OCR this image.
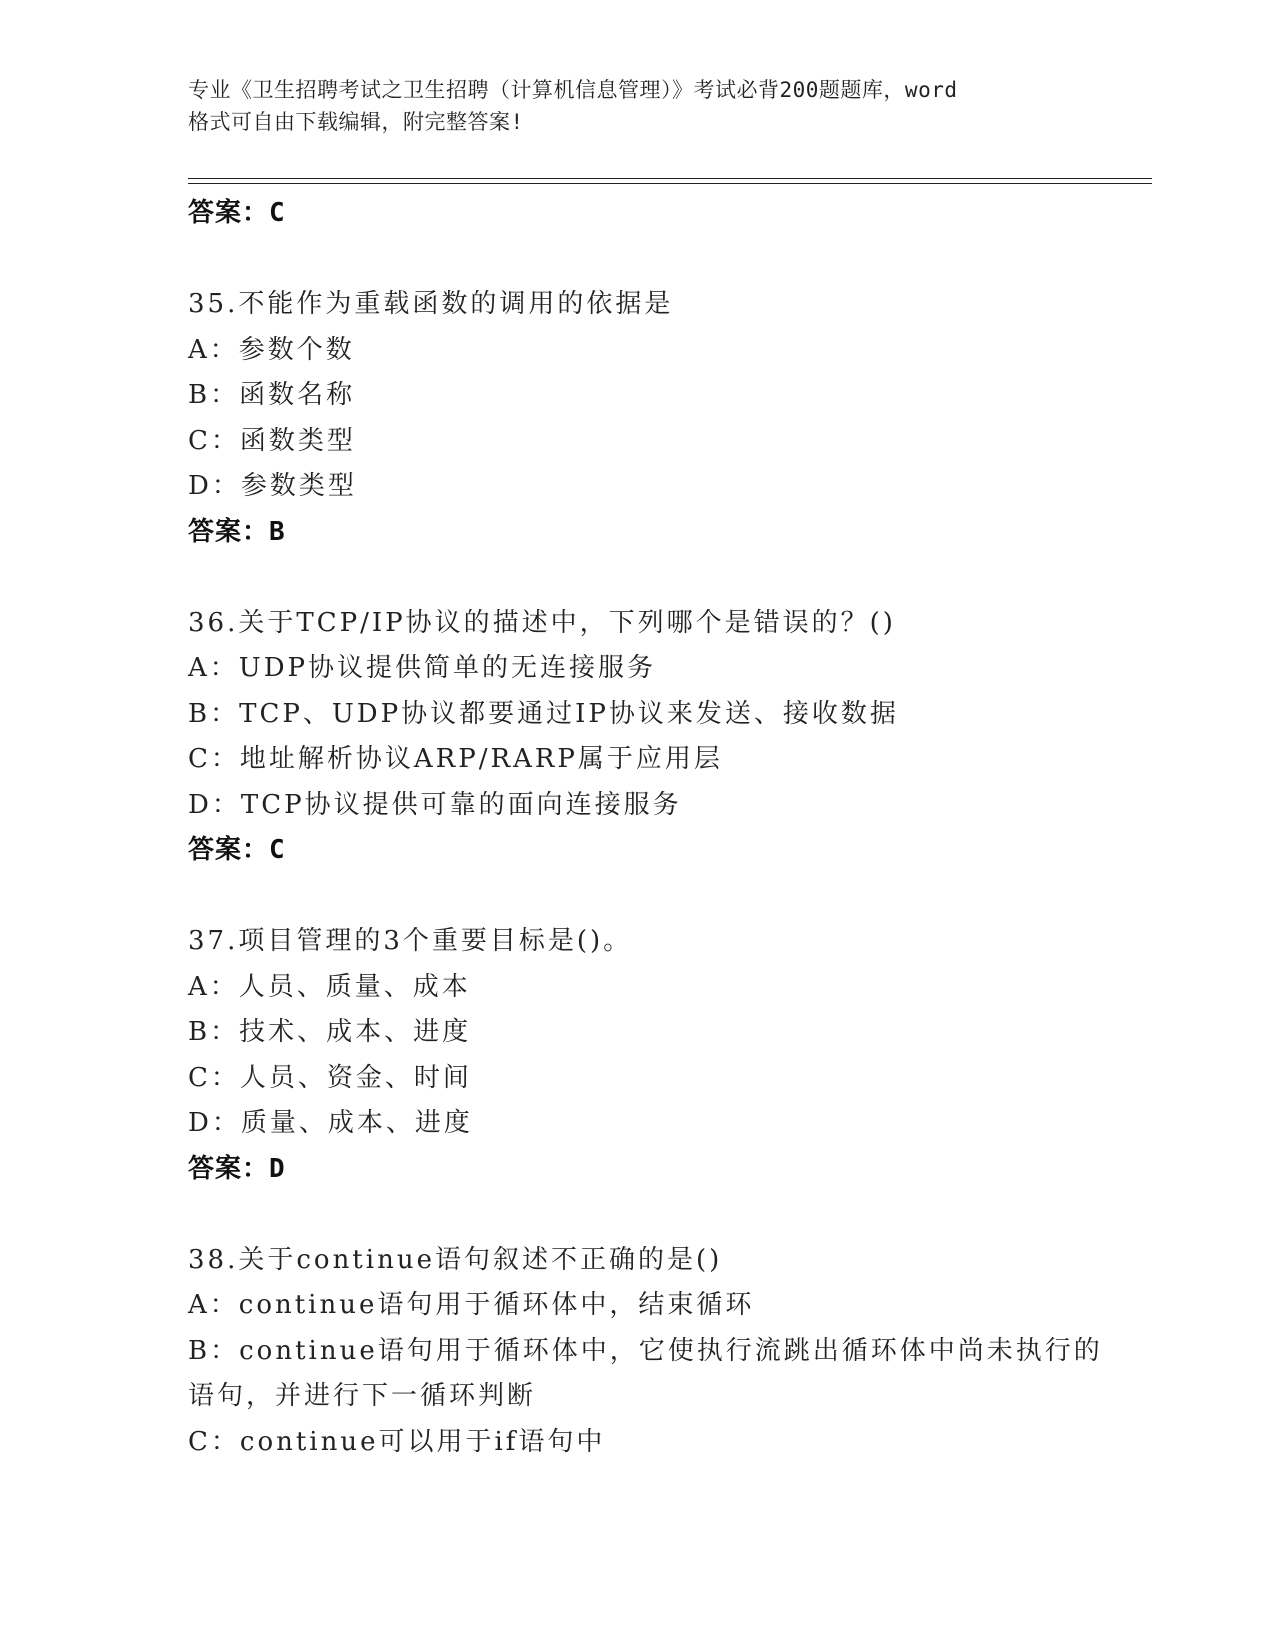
专业《卫生招聘考试之卫生招聘（计算机信息管理）》考试必背200题题库，word
格式可自由下载编辑，附完整答案!
答案：C
35.不能作为重载函数的调用的依据是
A：参数个数
B：函数名称
C：函数类型
D：参数类型
答案：B
36.关于TCP/IP协议的描述中，下列哪个是错误的？()
A：UDP协议提供简单的无连接服务
B：TCP、UDP协议都要通过IP协议来发送、接收数据
C：地址解析协议ARP/RARP属于应用层
D：TCP协议提供可靠的面向连接服务
答案：C
37.项目管理的3个重要目标是()。
A：人员、质量、成本
B：技术、成本、进度
C：人员、资金、时间
D：质量、成本、进度
答案：D
38.关于continue语句叙述不正确的是()
A：continue语句用于循环体中，结束循环
B：continue语句用于循环体中，它使执行流跳出循环体中尚未执行的
语句，并进行下一循环判断
C：continue可以用于if语句中
